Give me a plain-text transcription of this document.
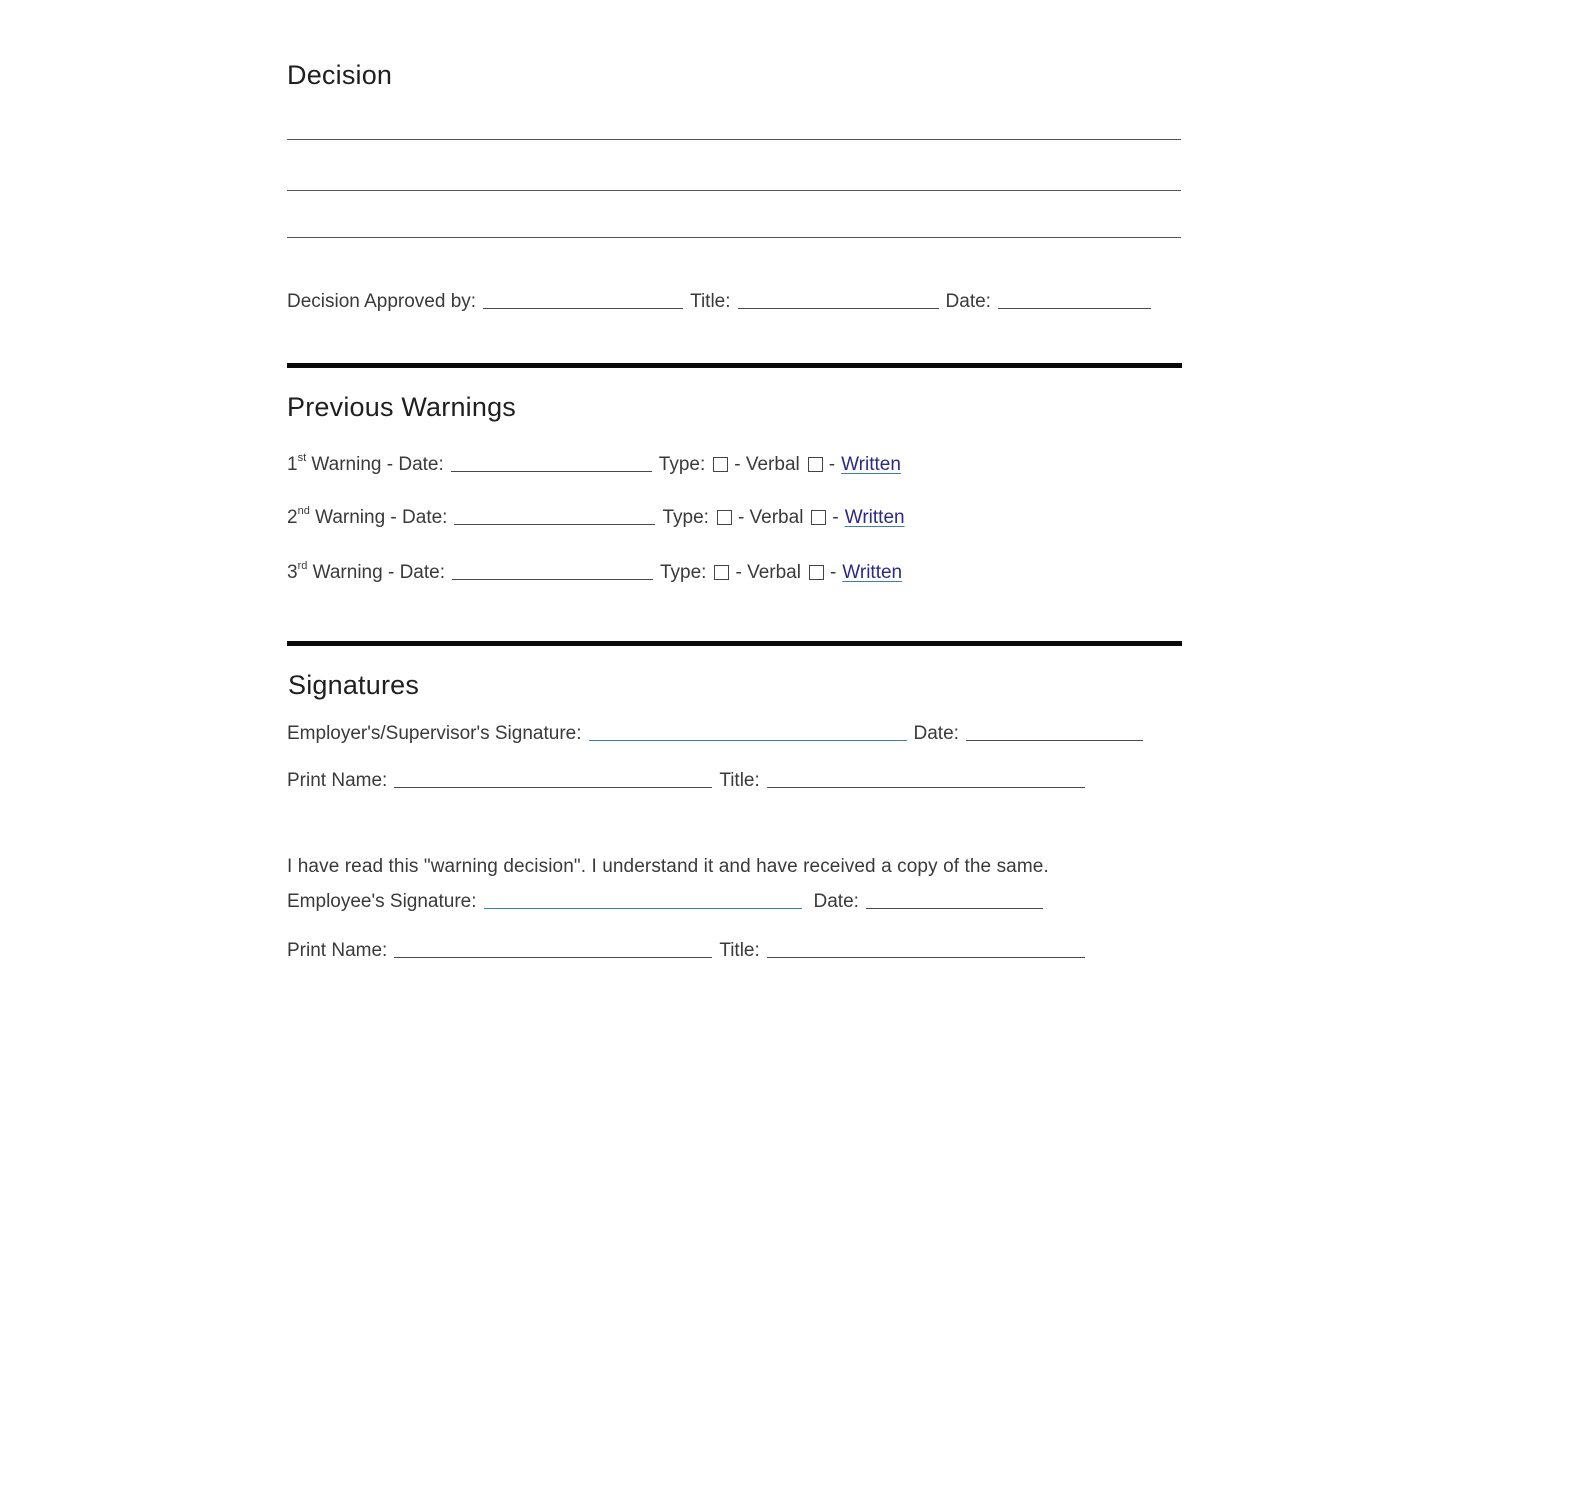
Decision
Decision Approved by:	Title:	Date:
Previous Warnings
1st Warning - Date:	Type: - Verbal - Written
2nd Warning - Date:	Type: - Verbal - Written
3rd Warning - Date:	Type: - Verbal - Written
Signatures
Employer's/Supervisor's Signature:	Date:
Print Name:	Title:
I have read this "warning decision". I understand it and have received a copy of the same.
Employee's Signature:	Date:
Print Name:	Title:
